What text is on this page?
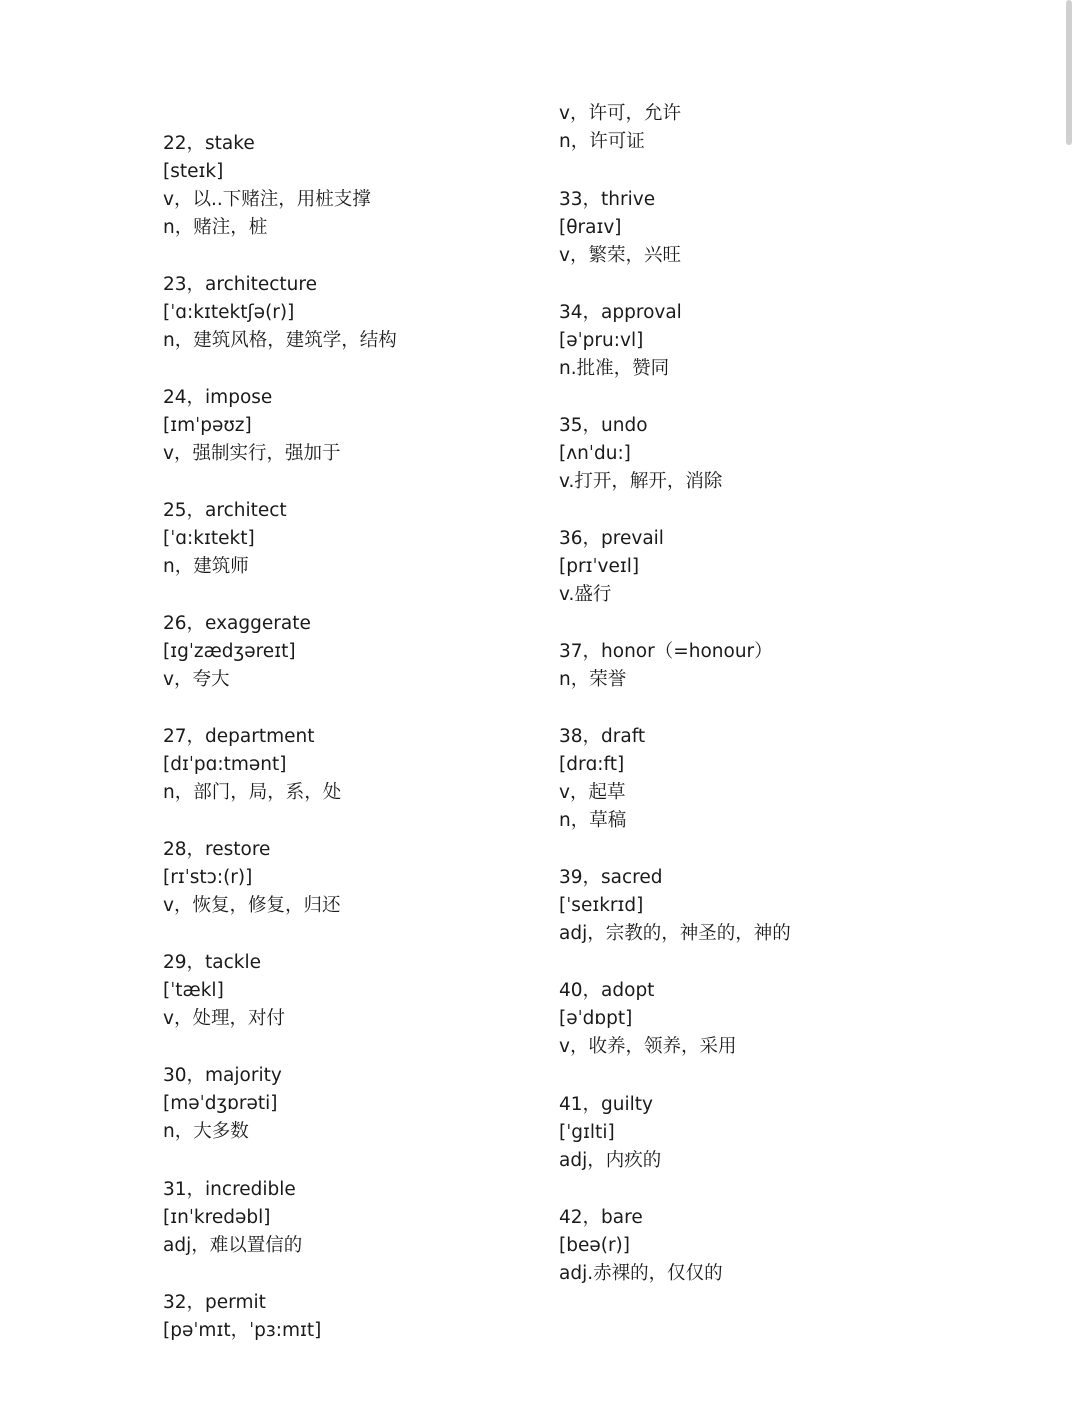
22，stake
[steɪk]
v，以..下赌注，用桩支撑
n，赌注，桩
23，architecture
[ˈɑ:kɪtektʃə(r)]
n，建筑风格，建筑学，结构
24，impose
[ɪmˈpəʊz]
v，强制实行，强加于
25，architect
[ˈɑ:kɪtekt]
n，建筑师
26，exaggerate
[ɪgˈzædʒəreɪt]
v，夸大
27，department
[dɪˈpɑ:tmənt]
n，部门，局，系，处
28，restore
[rɪˈstɔ:(r)]
v，恢复，修复，归还
29，tackle
[ˈtækl]
v，处理，对付
30，majority
[məˈdʒɒrəti]
n，大多数
31，incredible
[ɪnˈkredəbl]
adj，难以置信的
32，permit
[pəˈmɪt，ˈpɜ:mɪt]
v，许可，允许
n，许可证
33，thrive
[θraɪv]
v，繁荣，兴旺
34，approval
[əˈpru:vl]
n.批准，赞同
35，undo
[ʌnˈdu:]
v.打开，解开，消除
36，prevail
[prɪˈveɪl]
v.盛行
37，honor（=honour）
n，荣誉
38，draft
[drɑ:ft]
v，起草
n，草稿
39，sacred
[ˈseɪkrɪd]
adj，宗教的，神圣的，神的
40，adopt
[əˈdɒpt]
v，收养，领养，采用
41，guilty
[ˈgɪlti]
adj，内疚的
42，bare
[beə(r)]
adj.赤裸的，仅仅的
